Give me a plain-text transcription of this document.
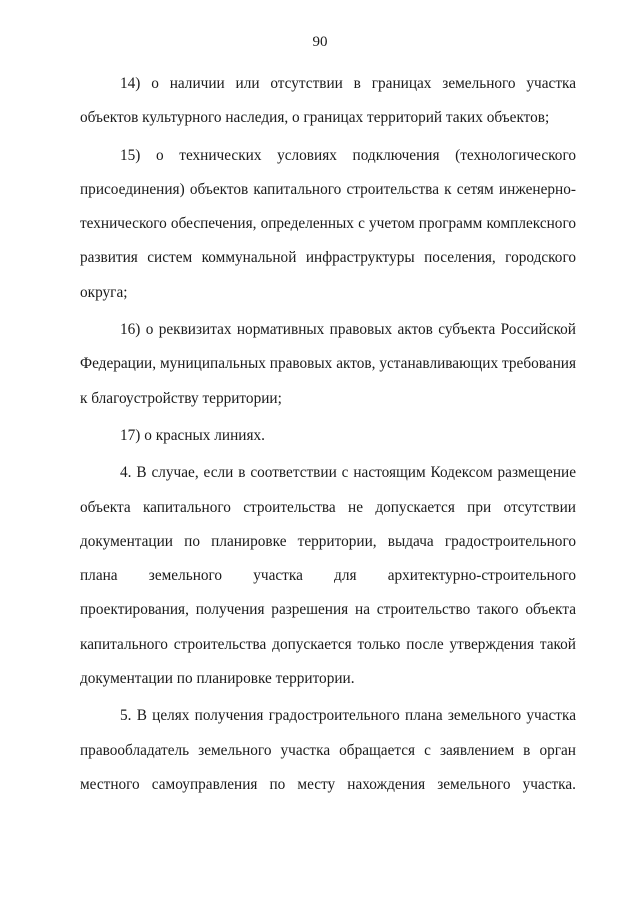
90

14) о наличии или отсутствии в границах земельного участка объектов культурного наследия, о границах территорий таких объектов;

15) о технических условиях подключения (технологического присоединения) объектов капитального строительства к сетям инженерно-технического обеспечения, определенных с учетом программ комплексного развития систем коммунальной инфраструктуры поселения, городского округа;

16) о реквизитах нормативных правовых актов субъекта Российской Федерации, муниципальных правовых актов, устанавливающих требования к благоустройству территории;

17) о красных линиях.

4. В случае, если в соответствии с настоящим Кодексом размещение объекта капитального строительства не допускается при отсутствии документации по планировке территории, выдача градостроительного плана земельного участка для архитектурно-строительного проектирования, получения разрешения на строительство такого объекта капитального строительства допускается только после утверждения такой документации по планировке территории.

5. В целях получения градостроительного плана земельного участка правообладатель земельного участка обращается с заявлением в орган местного самоуправления по месту нахождения земельного участка.
